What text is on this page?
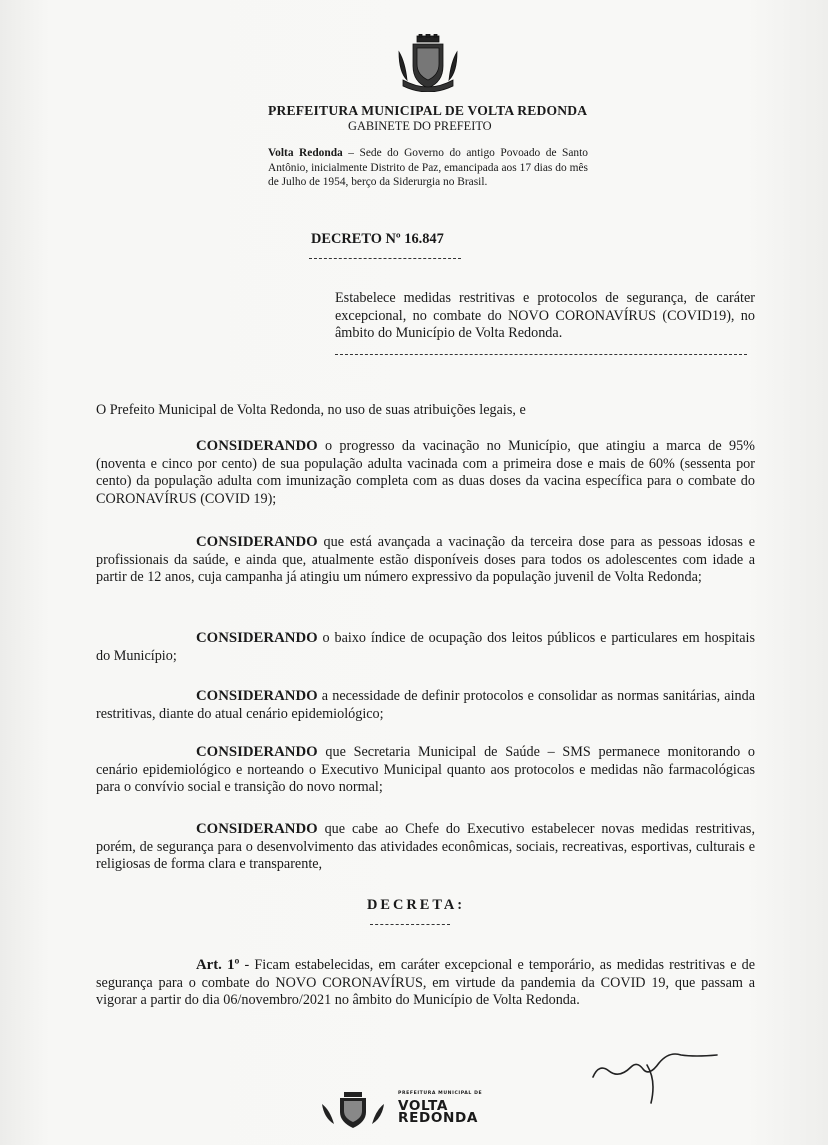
PREFEITURA MUNICIPAL DE VOLTA REDONDA
GABINETE DO PREFEITO
Volta Redonda – Sede do Governo do antigo Povoado de Santo Antônio, inicialmente Distrito de Paz, emancipada aos 17 dias do mês de Julho de 1954, berço da Siderurgia no Brasil.
DECRETO Nº 16.847
Estabelece medidas restritivas e protocolos de segurança, de caráter excepcional, no combate do NOVO CORONAVÍRUS (COVID19), no âmbito do Município de Volta Redonda.
O Prefeito Municipal de Volta Redonda, no uso de suas atribuições legais, e
CONSIDERANDO o progresso da vacinação no Município, que atingiu a marca de 95% (noventa e cinco por cento) de sua população adulta vacinada com a primeira dose e mais de 60% (sessenta por cento) da população adulta com imunização completa com as duas doses da vacina específica para o combate do CORONAVÍRUS (COVID 19);
CONSIDERANDO que está avançada a vacinação da terceira dose para as pessoas idosas e profissionais da saúde, e ainda que, atualmente estão disponíveis doses para todos os adolescentes com idade a partir de 12 anos, cuja campanha já atingiu um número expressivo da população juvenil de Volta Redonda;
CONSIDERANDO o baixo índice de ocupação dos leitos públicos e particulares em hospitais do Município;
CONSIDERANDO a necessidade de definir protocolos e consolidar as normas sanitárias, ainda restritivas, diante do atual cenário epidemiológico;
CONSIDERANDO que Secretaria Municipal de Saúde – SMS permanece monitorando o cenário epidemiológico e norteando o Executivo Municipal quanto aos protocolos e medidas não farmacológicas para o convívio social e transição do novo normal;
CONSIDERANDO que cabe ao Chefe do Executivo estabelecer novas medidas restritivas, porém, de segurança para o desenvolvimento das atividades econômicas, sociais, recreativas, esportivas, culturais e religiosas de forma clara e transparente,
DECRETA:
Art. 1º - Ficam estabelecidas, em caráter excepcional e temporário, as medidas restritivas e de segurança para o combate do NOVO CORONAVÍRUS, em virtude da pandemia da COVID 19, que passam a vigorar a partir do dia 06/novembro/2021 no âmbito do Município de Volta Redonda.
PREFEITURA MUNICIPAL DE
VOLTA
REDONDA
